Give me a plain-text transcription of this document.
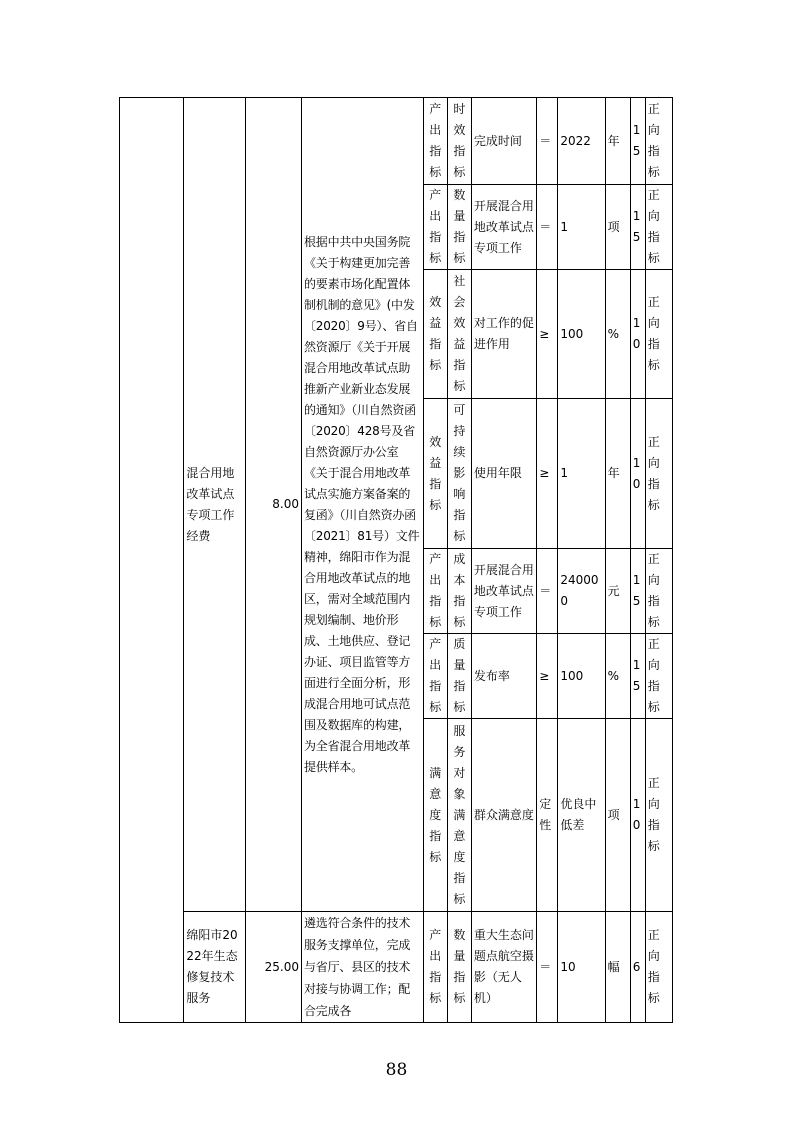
	混合用地改革试点专项工作经费	8.00	根据中共中央国务院《关于构建更加完善的要素市场化配置体制机制的意见》(中发〔2020〕9号）、省自然资源厅《关于开展混合用地改革试点助推新产业新业态发展的通知》（川自然资函〔2020〕428号及省自然资源厅办公室《关于混合用地改革试点实施方案备案的复函》（川自然资办函〔2021〕81号）文件精神，绵阳市作为混合用地改革试点的地区，需对全域范围内规划编制、地价形成、土地供应、登记办证、项目监管等方面进行全面分析，形成混合用地可试点范围及数据库的构建，为全省混合用地改革提供样本。	产出指标	时效指标	完成时间	＝	2022	年	15	正向指标
				产出指标	数量指标	开展混合用地改革试点专项工作	＝	1	项	15	正向指标
				效益指标	社会效益指标	对工作的促进作用	≥	100	%	10	正向指标
				效益指标	可持续影响指标	使用年限	≥	1	年	10	正向指标
				产出指标	成本指标	开展混合用地改革试点专项工作	＝	240000	元	15	正向指标
				产出指标	质量指标	发布率	≥	100	%	15	正向指标
				满意度指标	服务对象满意度指标	群众满意度	定性	优良中低差	项	10	正向指标
	绵阳市2022年生态修复技术服务	25.00	遴选符合条件的技术服务支撑单位，完成与省厅、县区的技术对接与协调工作；配合完成各	产出指标	数量指标	重大生态问题点航空摄影（无人机）	＝	10	幅	6	正向指标
88
